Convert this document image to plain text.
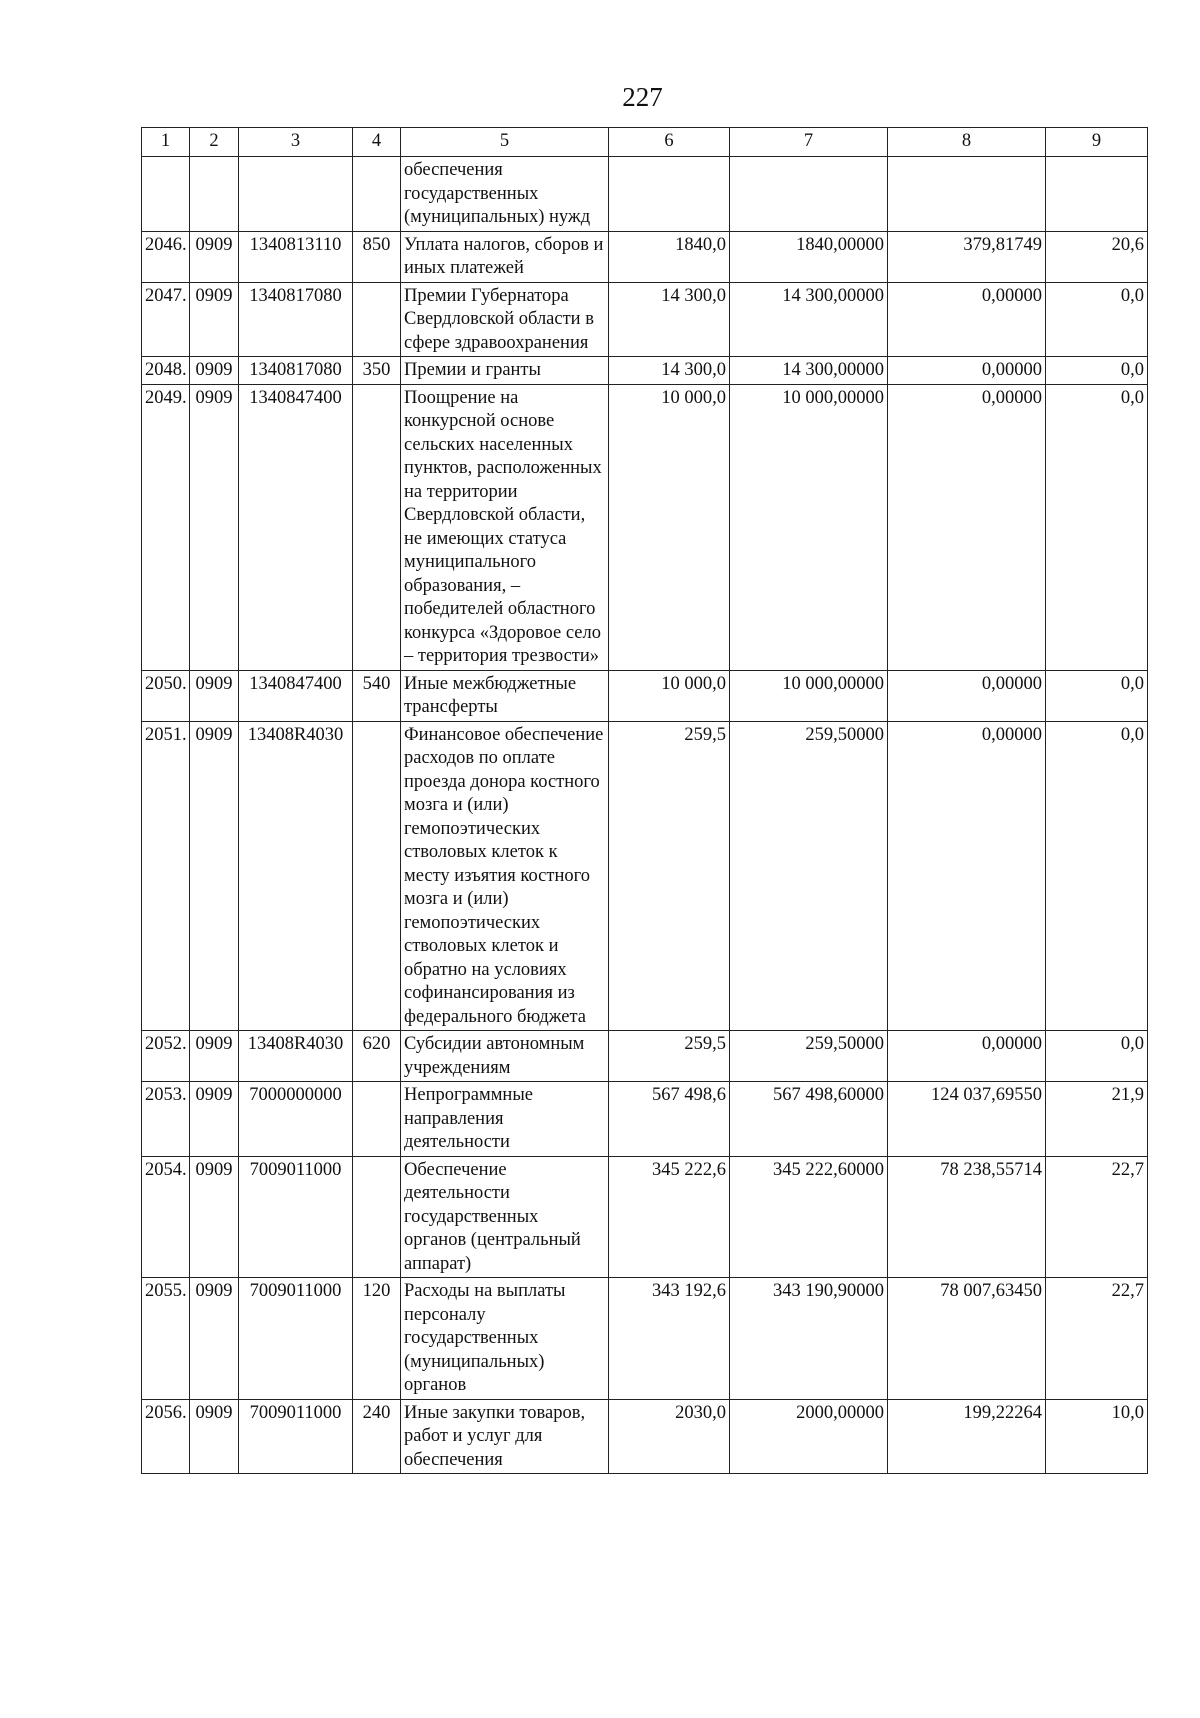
227
1	2	3	4	5	6	7	8	9
				обеспечения государственных (муниципальных) нужд				
2046.	0909	1340813110	850	Уплата налогов, сборов и иных платежей	1840,0	1840,00000	379,81749	20,6
2047.	0909	1340817080		Премии Губернатора Свердловской области в сфере здравоохранения	14 300,0	14 300,00000	0,00000	0,0
2048.	0909	1340817080	350	Премии и гранты	14 300,0	14 300,00000	0,00000	0,0
2049.	0909	1340847400		Поощрение на конкурсной основе сельских населенных пунктов, расположенных на территории Свердловской области, не имеющих статуса муниципального образования, – победителей областного конкурса «Здоровое село – территория трезвости»	10 000,0	10 000,00000	0,00000	0,0
2050.	0909	1340847400	540	Иные межбюджетные трансферты	10 000,0	10 000,00000	0,00000	0,0
2051.	0909	13408R4030		Финансовое обеспечение расходов по оплате проезда донора костного мозга и (или) гемопоэтических стволовых клеток к месту изъятия костного мозга и (или) гемопоэтических стволовых клеток и обратно на условиях софинансирования из федерального бюджета	259,5	259,50000	0,00000	0,0
2052.	0909	13408R4030	620	Субсидии автономным учреждениям	259,5	259,50000	0,00000	0,0
2053.	0909	7000000000		Непрограммные направления деятельности	567 498,6	567 498,60000	124 037,69550	21,9
2054.	0909	7009011000		Обеспечение деятельности государственных органов (центральный аппарат)	345 222,6	345 222,60000	78 238,55714	22,7
2055.	0909	7009011000	120	Расходы на выплаты персоналу государственных (муниципальных) органов	343 192,6	343 190,90000	78 007,63450	22,7
2056.	0909	7009011000	240	Иные закупки товаров, работ и услуг для обеспечения	2030,0	2000,00000	199,22264	10,0
